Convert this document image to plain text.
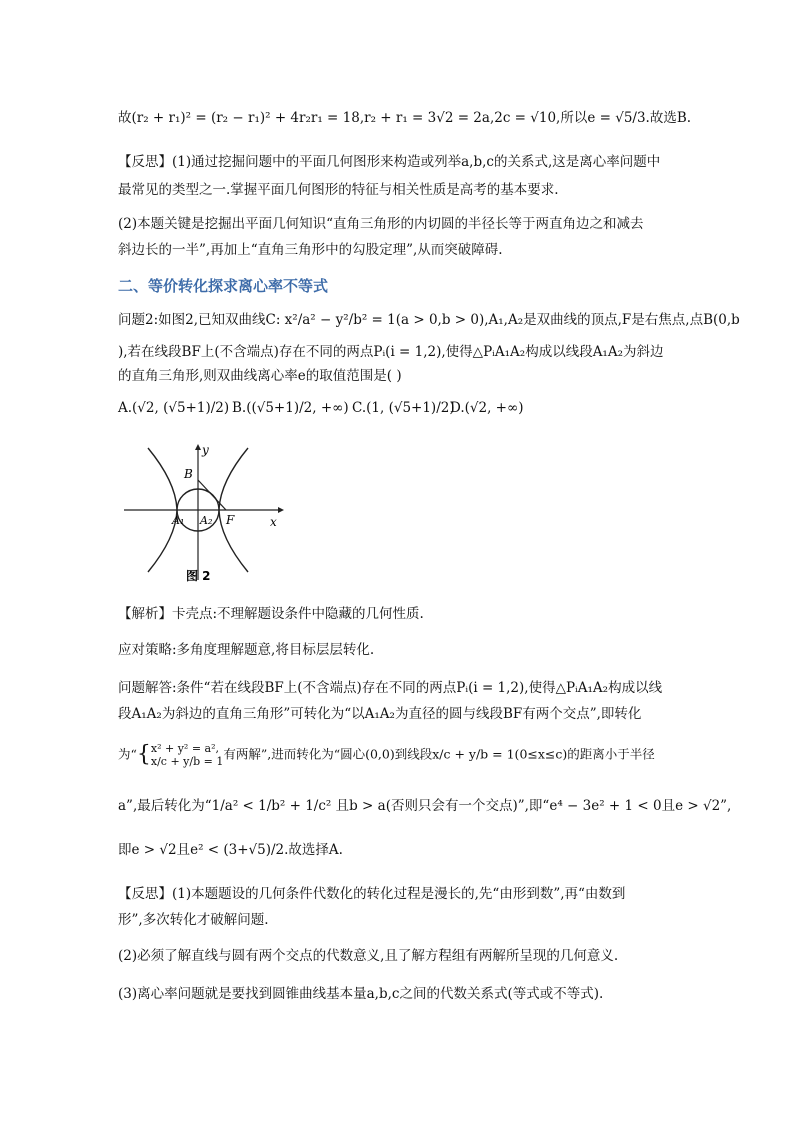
故(r₂ + r₁)² = (r₂ − r₁)² + 4r₂r₁ = 18,r₂ + r₁ = 3√2 = 2a,2c = √10,所以e = √5/3.故选B.
【反思】(1)通过挖掘问题中的平面几何图形来构造或列举a,b,c的关系式,这是离心率问题中
最常见的类型之一.掌握平面几何图形的特征与相关性质是高考的基本要求.
(2)本题关键是挖掘出平面几何知识“直角三角形的内切圆的半径长等于两直角边之和减去
斜边长的一半”,再加上“直角三角形中的勾股定理”,从而突破障碍.
二、等价转化探求离心率不等式
问题2:如图2,已知双曲线C: x²/a² − y²/b² = 1(a > 0,b > 0),A₁,A₂是双曲线的顶点,F是右焦点,点B(0,b
),若在线段BF上(不含端点)存在不同的两点Pᵢ(i = 1,2),使得△PᵢA₁A₂构成以线段A₁A₂为斜边
的直角三角形,则双曲线离心率e的取值范围是( )
A.(√2, (√5+1)/2) B.((√5+1)/2, +∞) C.(1, (√5+1)/2)
D.(√2, +∞)
B
y
x
A₁ A₂ F
图 2
【解析】卡壳点:不理解题设条件中隐藏的几何性质.
应对策略:多角度理解题意,将目标层层转化.
问题解答:条件“若在线段BF上(不含端点)存在不同的两点Pᵢ(i = 1,2),使得△PᵢA₁A₂构成以线
段A₁A₂为斜边的直角三角形”可转化为“以A₁A₂为直径的圆与线段BF有两个交点”,即转化
为“{ x² + y² = a²,
x/c + y/b = 1 有两解”,进而转化为“圆心(0,0)到线段x/c + y/b = 1(0≤x≤c)的距离小于半径
a”,最后转化为“1/a² < 1/b² + 1/c² 且b > a(否则只会有一个交点)”,即“e⁴ − 3e² + 1 < 0且e > √2”,
即e > √2且e² < (3+√5)/2.故选择A.
【反思】(1)本题题设的几何条件代数化的转化过程是漫长的,先“由形到数”,再“由数到
形”,多次转化才破解问题.
(2)必须了解直线与圆有两个交点的代数意义,且了解方程组有两解所呈现的几何意义.
(3)离心率问题就是要找到圆锥曲线基本量a,b,c之间的代数关系式(等式或不等式).
